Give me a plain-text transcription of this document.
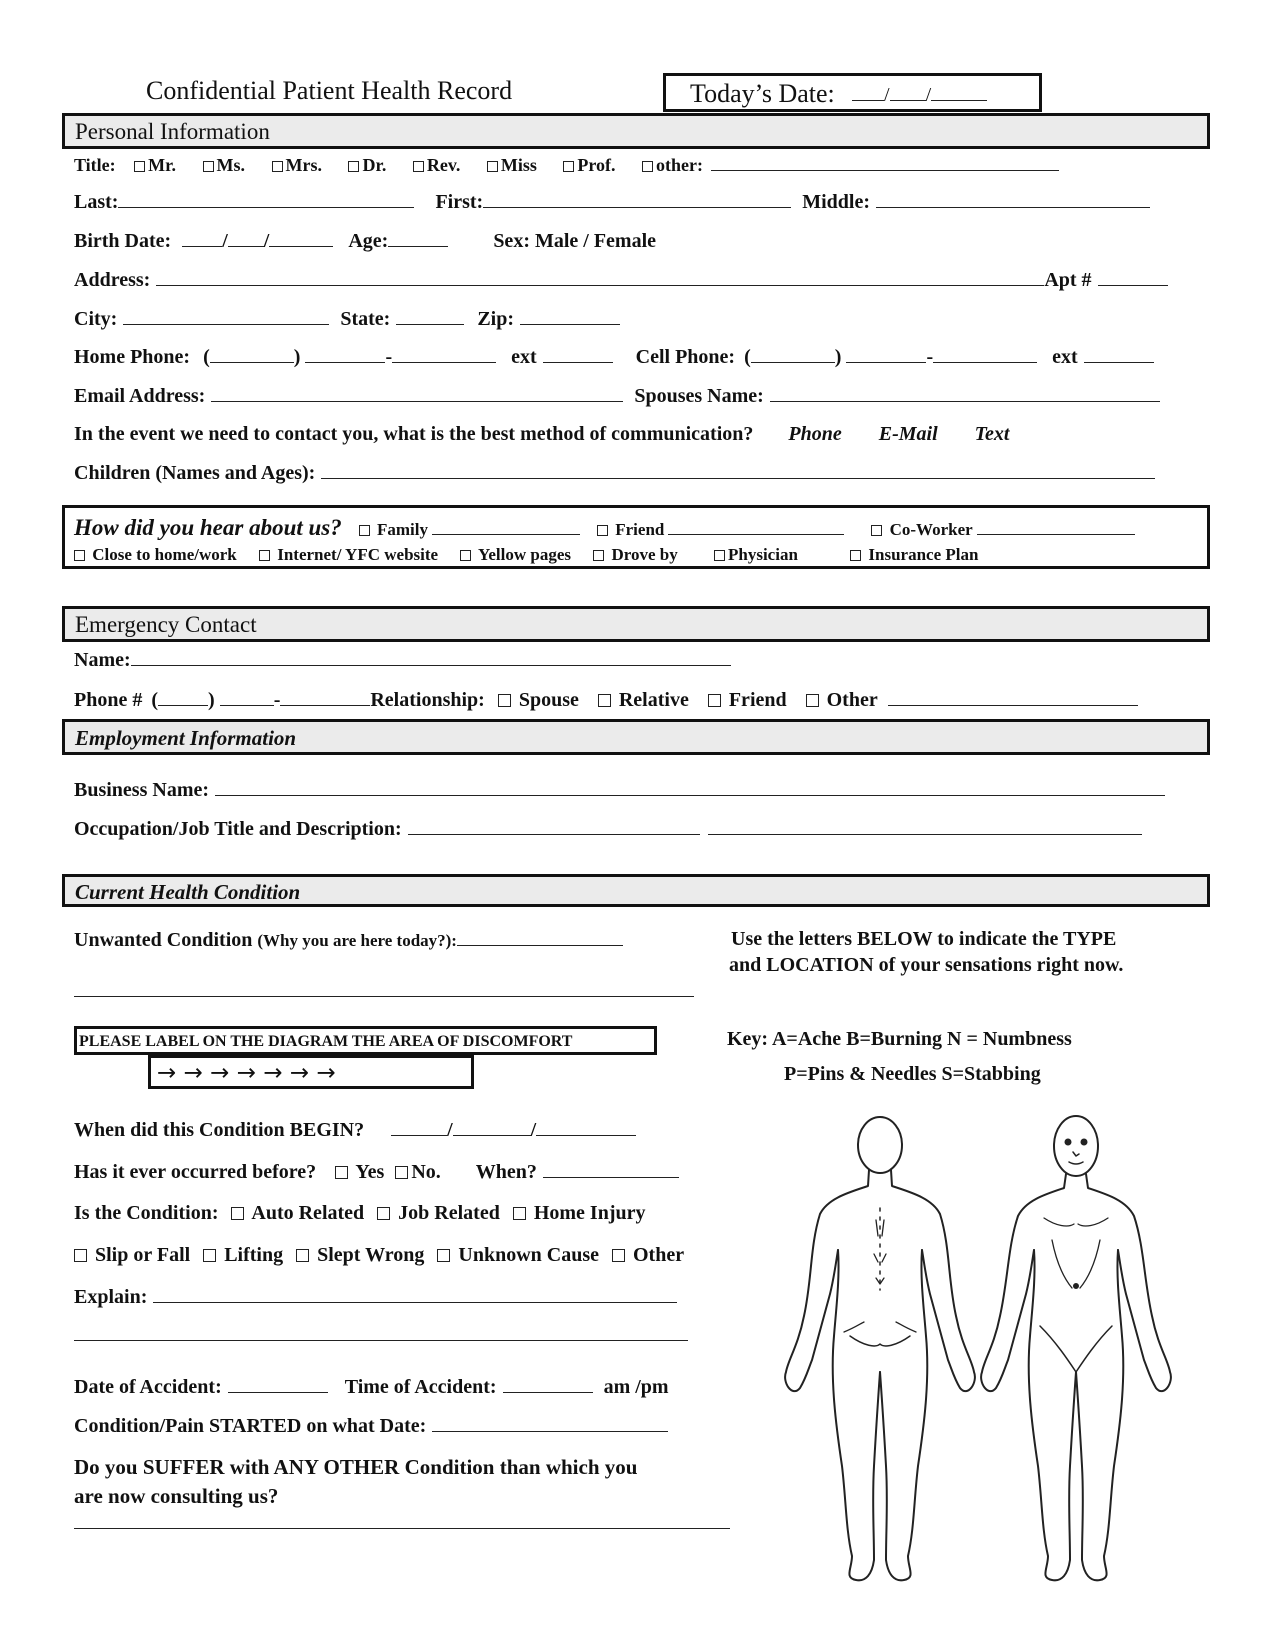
Confidential Patient Health Record	Today’s Date:	/ /
Personal Information
Title: Mr. Ms. Mrs. Dr. Rev. Miss Prof. other:
Last:	First:	Middle:
Birth Date:	/ /	Age:	Sex: Male / Female
Address:	Apt #
City:	State:	Zip:
Home Phone: (	)	-	ext	Cell Phone: (	)	-	ext
Email Address:	Spouses Name:
In the event we need to contact you, what is the best method of communication? Phone E-Mail Text
Children (Names and Ages):
How did you hear about us? Family	Friend	Co-Worker
Close to home/work Internet/ YFC website Yellow pages Drove by	Physician	Insurance Plan
Emergency Contact
Name:
Phone # (	)	-	Relationship: Spouse Relative Friend Other
Employment Information
Business Name:
Occupation/Job Title and Description:
Current Health Condition
Unwanted Condition (Why you are here today?):	Use the letters BELOW to indicate the TYPE
and LOCATION of your sensations right now.
PLEASE LABEL ON THE DIAGRAM THE AREA OF DISCOMFORT
→ → → → → → →
Key: A=Ache B=Burning N = Numbness
P=Pins & Needles S=Stabbing
When did this Condition BEGIN?	/	/
Has it ever occurred before? Yes No. When?
Is the Condition: Auto Related Job Related Home Injury
Slip or Fall Lifting Slept Wrong Unknown Cause Other
Explain:
Date of Accident:	Time of Accident:	am /pm
Condition/Pain STARTED on what Date:
Do you SUFFER with ANY OTHER Condition than which you
are now consulting us?
